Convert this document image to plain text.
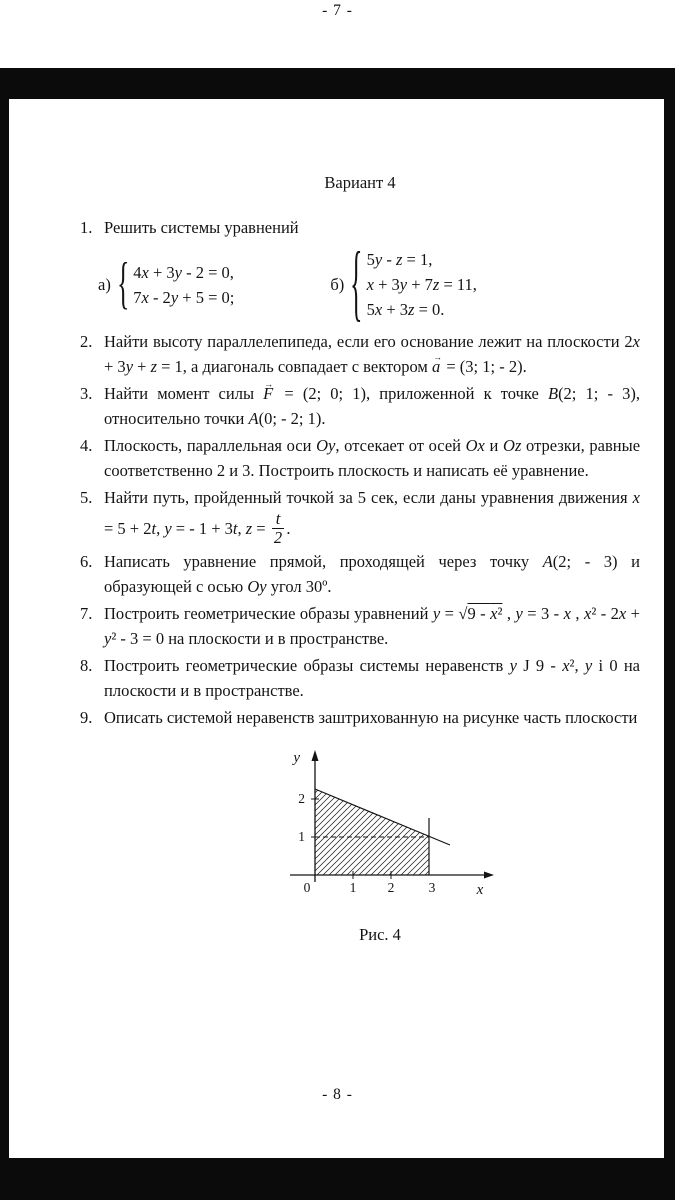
- 7 -
Вариант 4
1. Решить системы уравнений
а) { 4x + 3y - 2 = 0,
7x - 2y + 5 = 0;
б) { 5y - z = 1,
x + 3y + 7z = 11,
5x + 3z = 0.
2. Найти высоту параллелепипеда, если его основание лежит на плоскости 2x + 3y + z = 1, а диагональ совпадает с вектором a → = (3; 1; - 2).
3. Найти момент силы F → = (2; 0; 1), приложенной к точке B(2; 1; - 3), относительно точки A(0; - 2; 1).
4. Плоскость, параллельная оси Oy, отсекает от осей Ox и Oz отрезки, равные соответственно 2 и 3. Построить плоскость и написать её уравнение.
5. Найти путь, пройденный точкой за 5 сек, если даны уравнения движения x = 5 + 2t, y = - 1 + 3t, $z = \frac{t}{2}$ .
6. Написать уравнение прямой, проходящей через точку A(2; - 3) и образующей с осью Oy угол 30º.
7. Построить геометрические образы уравнений $y = √9 - \overline{x}^2$ , y = 3 - x , x² - 2x + y² - 3 = 0 на плоскости и в пространстве.
8. Построить геометрические образы системы неравенств y J 9 - x², y i 0 на плоскости и в пространстве.
9. Описать системой неравенств заштрихованную на рисунке часть плоскости
y
x
0	1 2	3
1
2
Рис. 4
- 8 -
